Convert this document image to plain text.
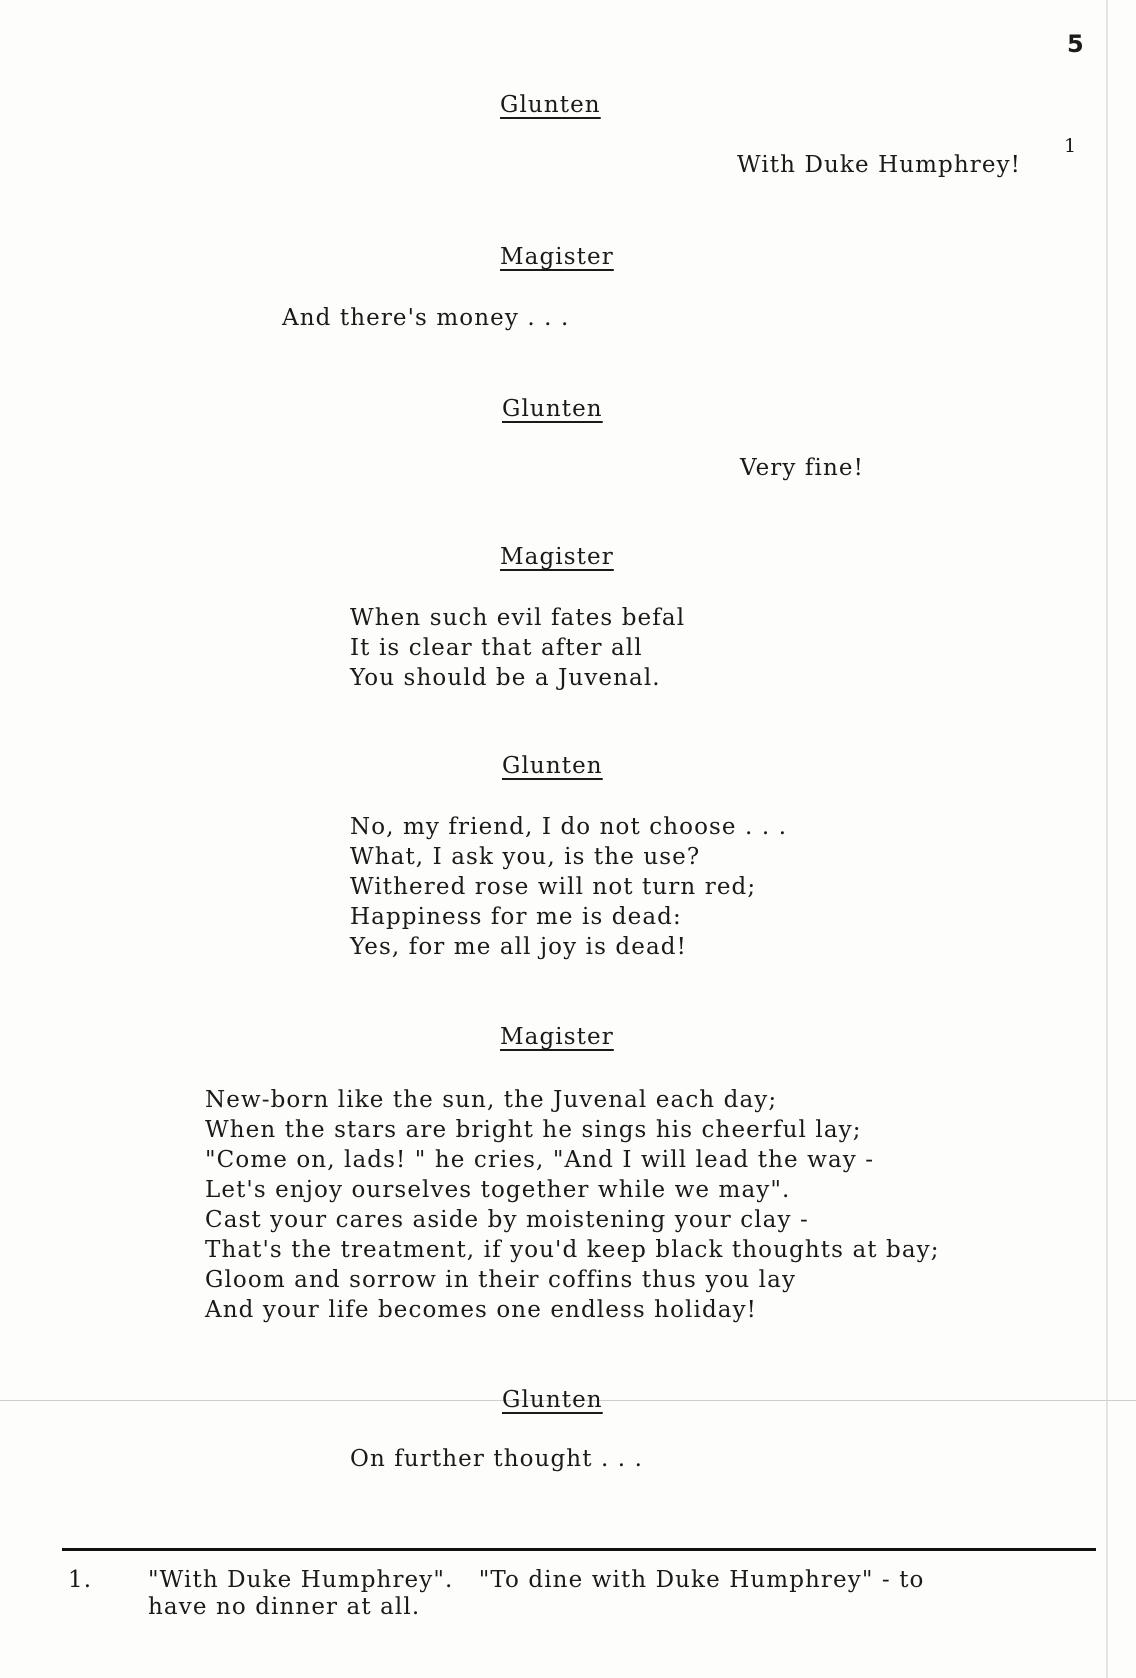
5
Glunten
With Duke Humphrey!
1
Magister
And there's money . . .
Glunten
Very fine!
Magister
When such evil fates befal
It is clear that after all
You should be a Juvenal.
Glunten
No, my friend, I do not choose . . .
What, I ask you, is the use?
Withered rose will not turn red;
Happiness for me is dead:
Yes, for me all joy is dead!
Magister
New-born like the sun, the Juvenal each day;
When the stars are bright he sings his cheerful lay;
"Come on, lads! " he cries, "And I will lead the way -
Let's enjoy ourselves together while we may".
Cast your cares aside by moistening your clay -
That's the treatment, if you'd keep black thoughts at bay;
Gloom and sorrow in their coffins thus you lay
And your life becomes one endless holiday!
Glunten
On further thought . . .
1. "With Duke Humphrey".   "To dine with Duke Humphrey" - to
have no dinner at all.
